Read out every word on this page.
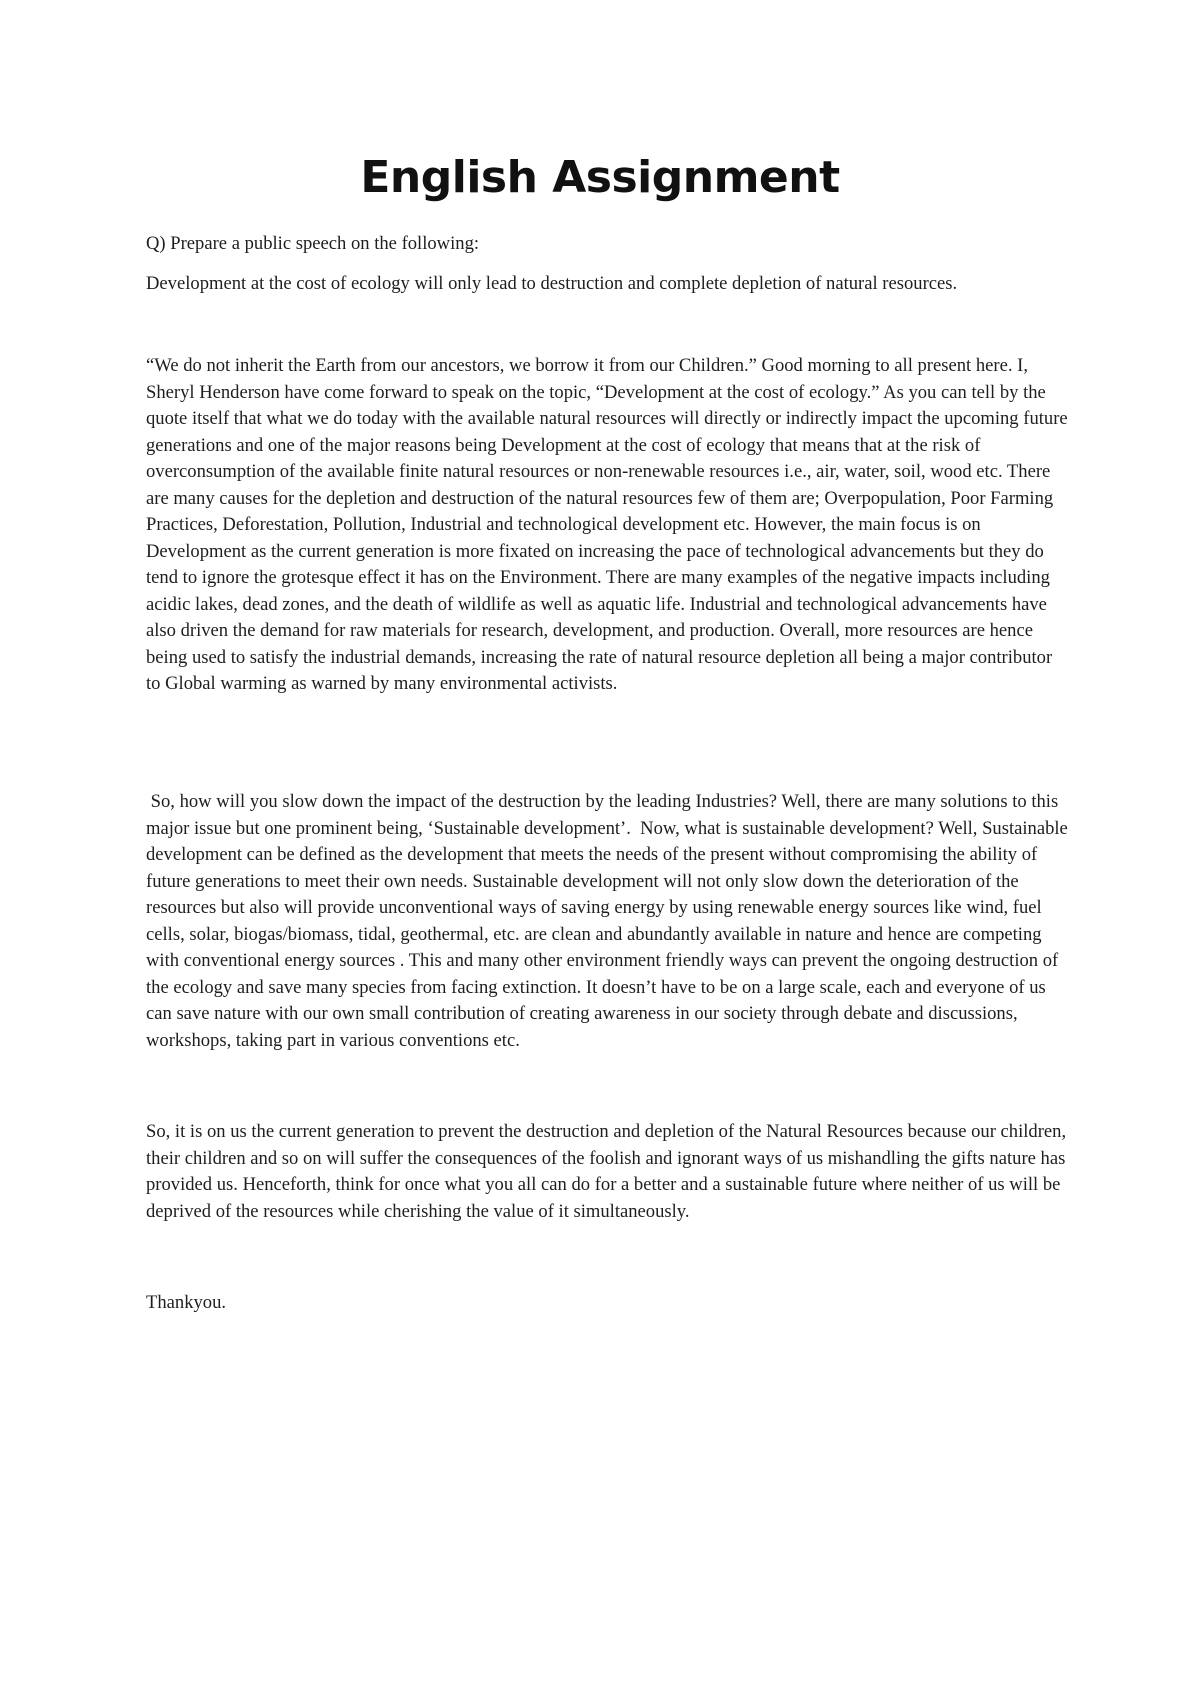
English Assignment

Q) Prepare a public speech on the following:

Development at the cost of ecology will only lead to destruction and complete depletion of natural resources.

“We do not inherit the Earth from our ancestors, we borrow it from our Children.” Good morning to all present here. I, Sheryl Henderson have come forward to speak on the topic, “Development at the cost of ecology.” As you can tell by the quote itself that what we do today with the available natural resources will directly or indirectly impact the upcoming future generations and one of the major reasons being Development at the cost of ecology that means that at the risk of overconsumption of the available finite natural resources or non-renewable resources i.e., air, water, soil, wood etc. There are many causes for the depletion and destruction of the natural resources few of them are; Overpopulation, Poor Farming Practices, Deforestation, Pollution, Industrial and technological development etc. However, the main focus is on Development as the current generation is more fixated on increasing the pace of technological advancements but they do tend to ignore the grotesque effect it has on the Environment. There are many examples of the negative impacts including acidic lakes, dead zones, and the death of wildlife as well as aquatic life. Industrial and technological advancements have also driven the demand for raw materials for research, development, and production. Overall, more resources are hence being used to satisfy the industrial demands, increasing the rate of natural resource depletion all being a major contributor to Global warming as warned by many environmental activists.

So, how will you slow down the impact of the destruction by the leading Industries? Well, there are many solutions to this major issue but one prominent being, ‘Sustainable development’.  Now, what is sustainable development? Well, Sustainable development can be defined as the development that meets the needs of the present without compromising the ability of future generations to meet their own needs. Sustainable development will not only slow down the deterioration of the resources but also will provide unconventional ways of saving energy by using renewable energy sources like wind, fuel cells, solar, biogas/biomass, tidal, geothermal, etc. are clean and abundantly available in nature and hence are competing with conventional energy sources . This and many other environment friendly ways can prevent the ongoing destruction of the ecology and save many species from facing extinction. It doesn’t have to be on a large scale, each and everyone of us can save nature with our own small contribution of creating awareness in our society through debate and discussions, workshops, taking part in various conventions etc.

So, it is on us the current generation to prevent the destruction and depletion of the Natural Resources because our children, their children and so on will suffer the consequences of the foolish and ignorant ways of us mishandling the gifts nature has provided us. Henceforth, think for once what you all can do for a better and a sustainable future where neither of us will be deprived of the resources while cherishing the value of it simultaneously.

Thankyou.
